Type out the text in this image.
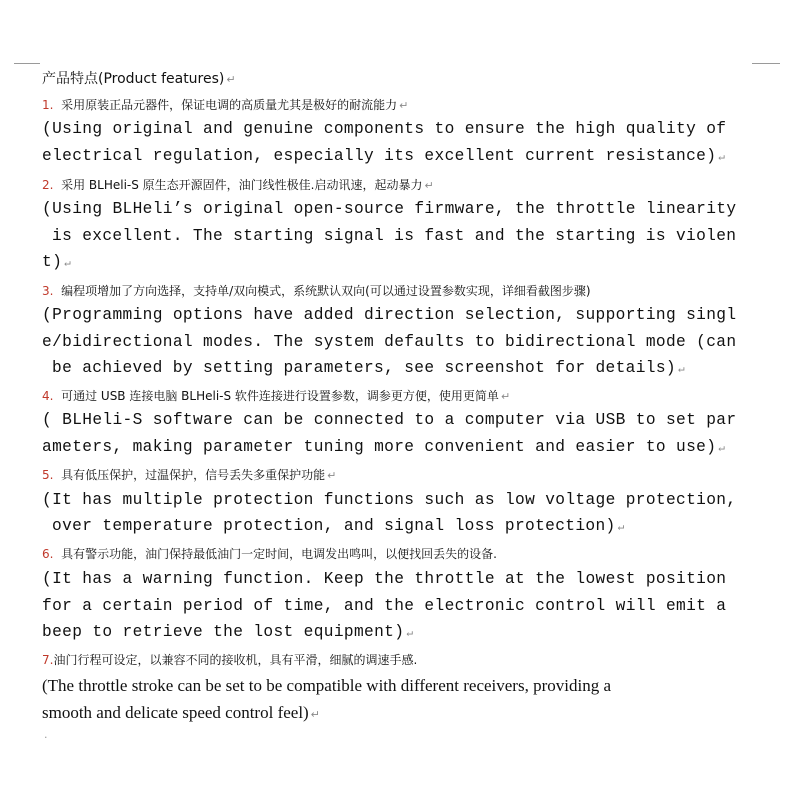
产品特点(Product features) ↵
1. 采用原装正品元器件，保证电调的高质量尤其是极好的耐流能力 ↵
(Using original and genuine components to ensure the high quality of
electrical regulation, especially its excellent current resistance) ↵
2. 采用 BLHeli-S 原生态开源固件，油门线性极佳.启动讯速，起动暴力 ↵
(Using BLHeli’s original open-source firmware, the throttle linearity
is excellent. The starting signal is fast and the starting is violen
t) ↵
3. 编程项增加了方向选择，支持单/双向模式，系统默认双向(可以通过设置参数实现，详细看截图步骤)
(Programming options have added direction selection, supporting singl
e/bidirectional modes. The system defaults to bidirectional mode (can
be achieved by setting parameters, see screenshot for details) ↵
4. 可通过 USB 连接电脑 BLHeli-S 软件连接进行设置参数，调参更方便，使用更简单 ↵
( BLHeli-S software can be connected to a computer via USB to set par
ameters, making parameter tuning more convenient and easier to use) ↵
5. 具有低压保护，过温保护，信号丢失多重保护功能 ↵
(It has multiple protection functions such as low voltage protection,
over temperature protection, and signal loss protection) ↵
6. 具有警示功能，油门保持最低油门一定时间，电调发出鸣叫，以便找回丢失的设备.
(It has a warning function. Keep the throttle at the lowest position
for a certain period of time, and the electronic control will emit a
beep to retrieve the lost equipment) ↵
7.油门行程可设定，以兼容不同的接收机，具有平滑，细腻的调速手感.
(The throttle stroke can be set to be compatible with different receivers, providing a
smooth and delicate speed control feel) ↵
.
